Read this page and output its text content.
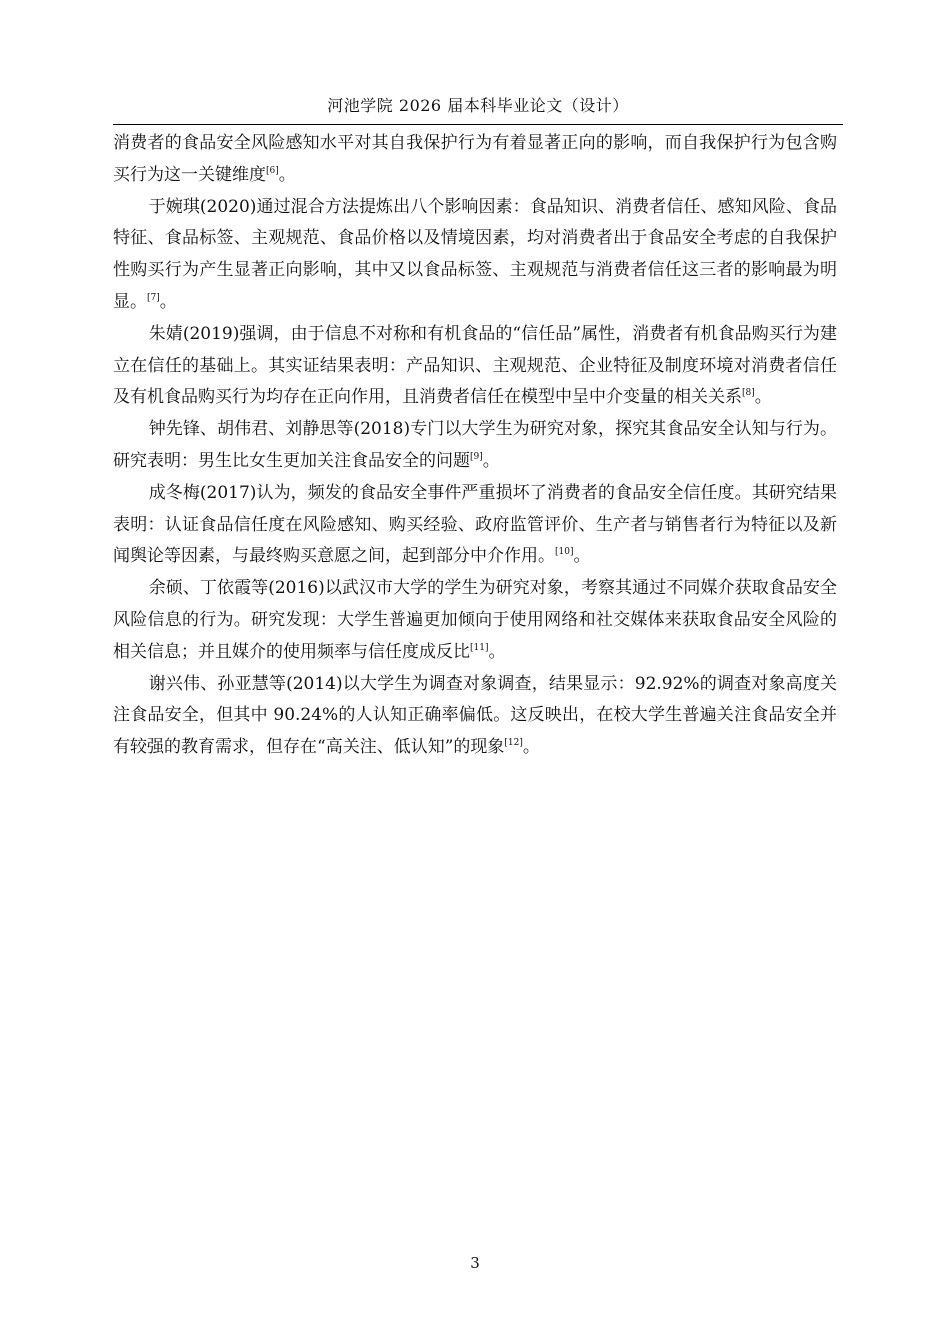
河池学院 2026 届本科毕业论文（设计）

消费者的食品安全风险感知水平对其自我保护行为有着显著正向的影响，而自我保护行为包含购买行为这一关键维度[6]。

于婉琪(2020)通过混合方法提炼出八个影响因素：食品知识、消费者信任、感知风险、食品特征、食品标签、主观规范、食品价格以及情境因素，均对消费者出于食品安全考虑的自我保护性购买行为产生显著正向影响，其中又以食品标签、主观规范与消费者信任这三者的影响最为明显。[7]。

朱婧(2019)强调，由于信息不对称和有机食品的“信任品”属性，消费者有机食品购买行为建立在信任的基础上。其实证结果表明：产品知识、主观规范、企业特征及制度环境对消费者信任及有机食品购买行为均存在正向作用，且消费者信任在模型中呈中介变量的相关关系[8]。

钟先锋、胡伟君、刘静思等(2018)专门以大学生为研究对象，探究其食品安全认知与行为。研究表明：男生比女生更加关注食品安全的问题[9]。

成冬梅(2017)认为，频发的食品安全事件严重损坏了消费者的食品安全信任度。其研究结果表明：认证食品信任度在风险感知、购买经验、政府监管评价、生产者与销售者行为特征以及新闻舆论等因素，与最终购买意愿之间，起到部分中介作用。[10]。

余硕、丁依霞等(2016)以武汉市大学的学生为研究对象，考察其通过不同媒介获取食品安全风险信息的行为。研究发现：大学生普遍更加倾向于使用网络和社交媒体来获取食品安全风险的相关信息；并且媒介的使用频率与信任度成反比[11]。

谢兴伟、孙亚慧等(2014)以大学生为调查对象调查，结果显示：92.92%的调查对象高度关注食品安全，但其中 90.24%的人认知正确率偏低。这反映出，在校大学生普遍关注食品安全并有较强的教育需求，但存在“高关注、低认知”的现象[12]。

3
